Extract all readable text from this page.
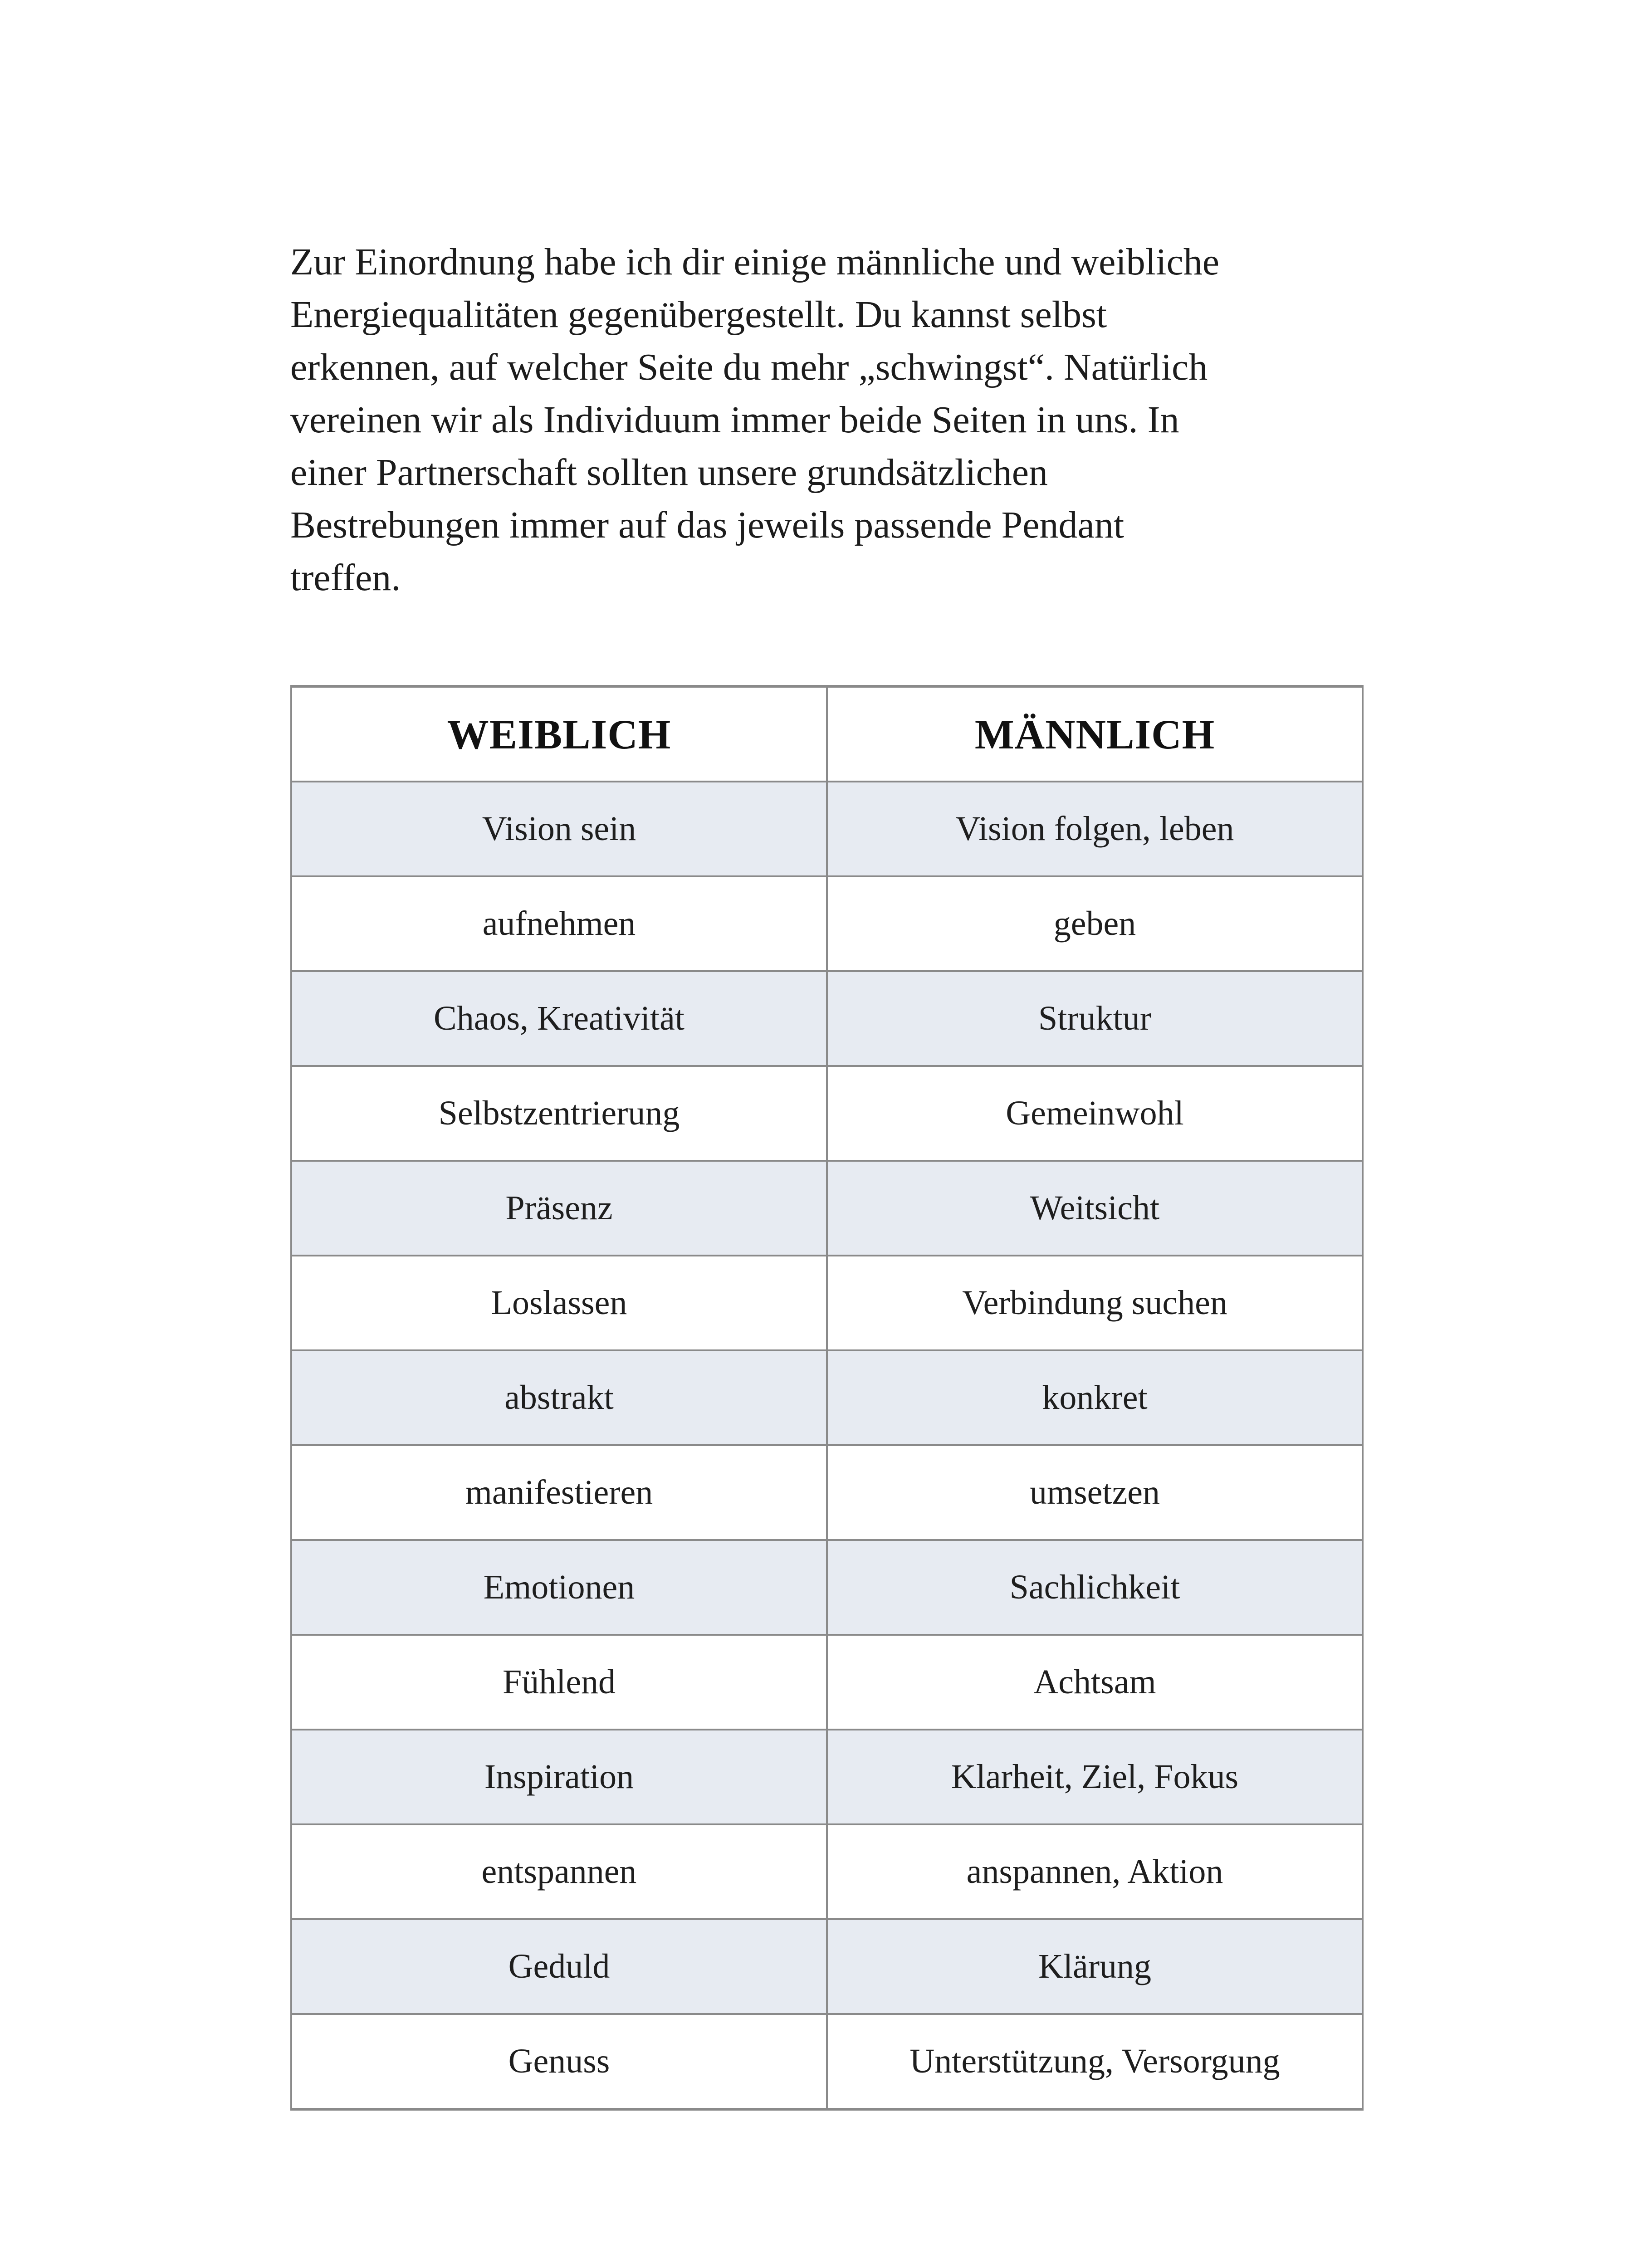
Zur Einordnung habe ich dir einige männliche und weibliche
Energiequalitäten gegenübergestellt. Du kannst selbst
erkennen, auf welcher Seite du mehr „schwingst“. Natürlich
vereinen wir als Individuum immer beide Seiten in uns. In
einer Partnerschaft sollten unsere grundsätzlichen
Bestrebungen immer auf das jeweils passende Pendant
treffen.

WEIBLICH	MÄNNLICH
Vision sein	Vision folgen, leben
aufnehmen	geben
Chaos, Kreativität	Struktur
Selbstzentrierung	Gemeinwohl
Präsenz	Weitsicht
Loslassen	Verbindung suchen
abstrakt	konkret
manifestieren	umsetzen
Emotionen	Sachlichkeit
Fühlend	Achtsam
Inspiration	Klarheit, Ziel, Fokus
entspannen	anspannen, Aktion
Geduld	Klärung
Genuss	Unterstützung, Versorgung
